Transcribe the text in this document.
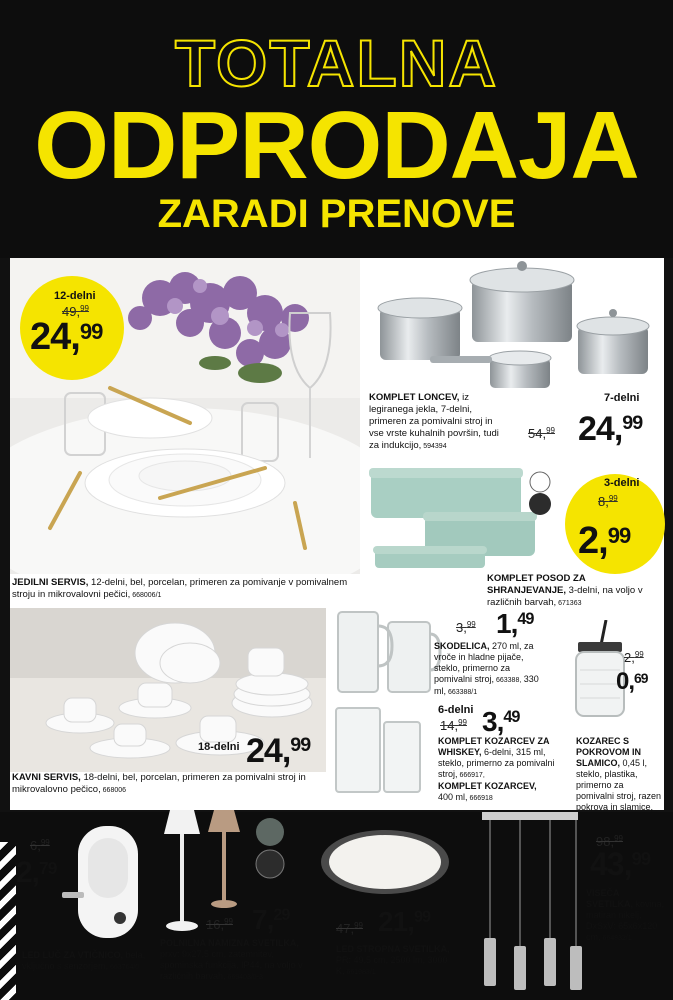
TOTALNA
ODPRODAJA
ZARADI PRENOVE
12-delni
49,99
24,99
JEDILNI SERVIS, 12-delni, bel, porcelan, primeren za pomivanje v pomivalnem stroju in mikrovalovni pečici, 668006/1
KOMPLET LONCEV, iz legiranega jekla, 7-delni, primeren za pomivalni stroj in vse vrste kuhalnih površin, tudi za indukcijo, 594394
7-delni
54,99 24,99
3-delni
8,99
2,99
KOMPLET POSOD ZA SHRANJEVANJE, 3-delni, na voljo v različnih barvah, 671363
18-delni 24,99
KAVNI SERVIS, 18-delni, bel, porcelan, primeren za pomivalni stroj in mikrovalovno pečico, 668006
3,99 1,49
SKODELICA, 270 ml, za vroče in hladne pijače, steklo, primerno za pomivalni stroj, 663388, 330 ml, 663388/1
6-delni
14,99 3,49
KOMPLET KOZARCEV ZA WHISKEY, 6-delni, 315 ml, steklo, primerno za pomivalni stroj, 666917,
KOMPLET KOZARCEV,
400 ml, 666918
2,99
0,69
KOZAREC S POKROVOM IN SLAMICO, 0,45 l, steklo, plastika, primerno za pomivalni stroj, razen pokrova in slamice,
6,99
2,79
LED LUČ ZA VTIČNICO, bela, vključno s senzorjem, 663764/0
16,99 7,29
POLNILNA NAMIZNA SVETILKA, prxv: 9x27,5 cm, zatemnitev, spominska funkcija, IP44, na voljo v različnih barvah, 669403/0-3
47,99 21,99
LED STROPNA SVETILKA, PR: 49,5 cm, 2500 lm, 3000 K, 661983/1
98,99
43,99
VISEČA SVETILKA, kovina, matiran nikelj, DxSxV: 65x6x120 cm, 664832/1
